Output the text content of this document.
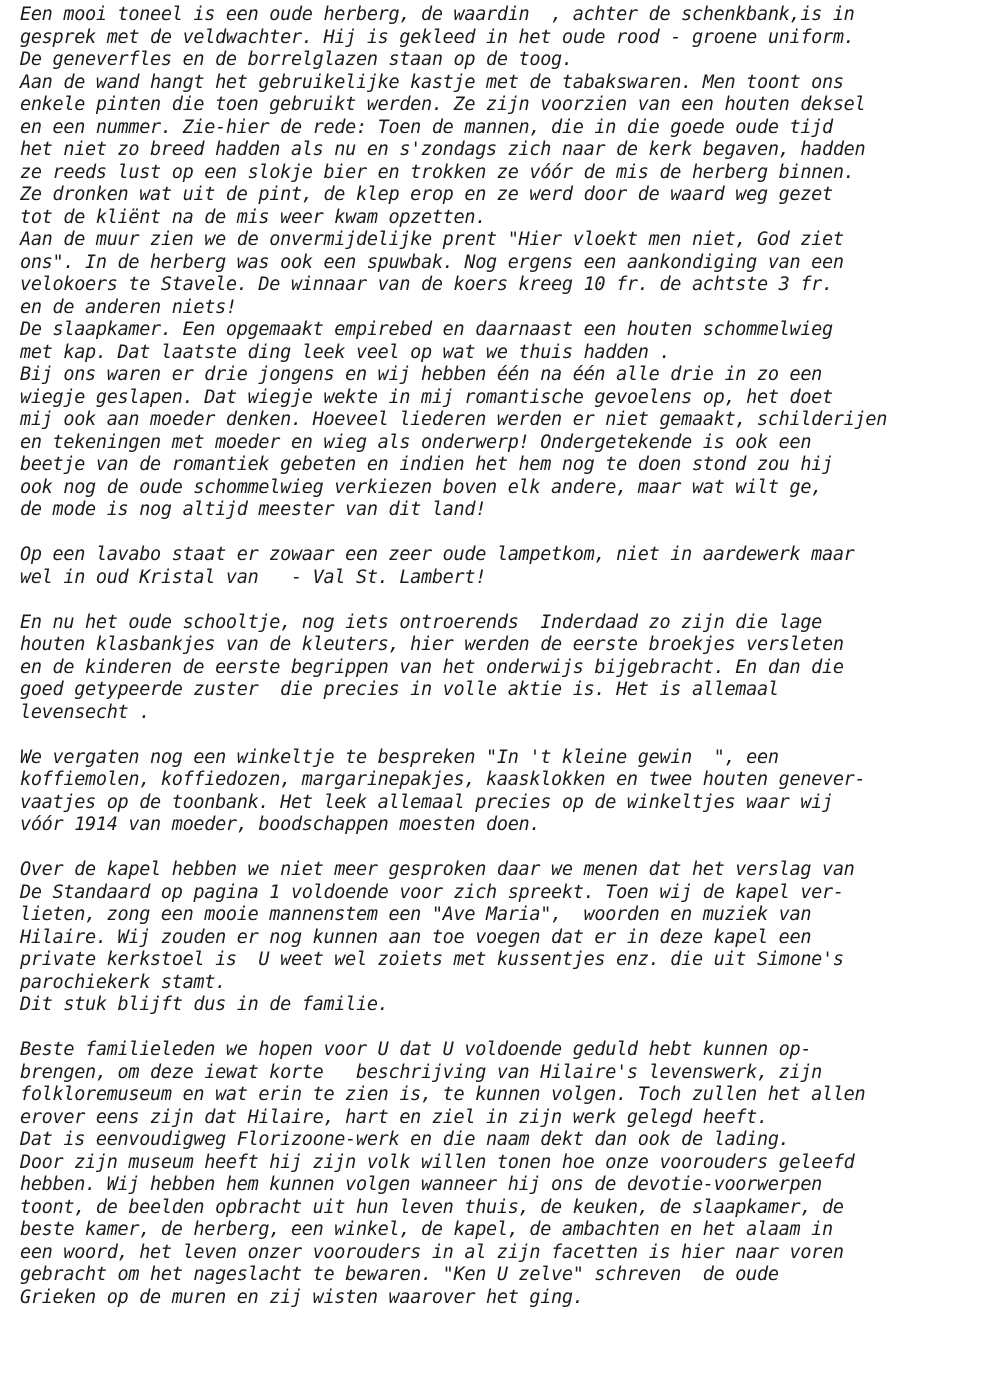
Een mooi toneel is een oude herberg, de waardin  , achter de schenkbank,is in
gesprek met de veldwachter. Hij is gekleed in het oude rood - groene uniform.
De geneverfles en de borrelglazen staan op de toog.
Aan de wand hangt het gebruikelijke kastje met de tabakswaren. Men toont ons
enkele pinten die toen gebruikt werden. Ze zijn voorzien van een houten deksel
en een nummer. Zie-hier de rede: Toen de mannen, die in die goede oude tijd
het niet zo breed hadden als nu en s'zondags zich naar de kerk begaven, hadden
ze reeds lust op een slokje bier en trokken ze vóór de mis de herberg binnen.
Ze dronken wat uit de pint, de klep erop en ze werd door de waard weg gezet
tot de kliënt na de mis weer kwam opzetten.
Aan de muur zien we de onvermijdelijke prent "Hier vloekt men niet, God ziet
ons". In de herberg was ook een spuwbak. Nog ergens een aankondiging van een
velokoers te Stavele. De winnaar van de koers kreeg 10 fr. de achtste 3 fr.
en de anderen niets!
De slaapkamer. Een opgemaakt empirebed en daarnaast een houten schommelwieg
met kap. Dat laatste ding leek veel op wat we thuis hadden .
Bij ons waren er drie jongens en wij hebben één na één alle drie in zo een
wiegje geslapen. Dat wiegje wekte in mij romantische gevoelens op, het doet
mij ook aan moeder denken. Hoeveel liederen werden er niet gemaakt, schilderijen
en tekeningen met moeder en wieg als onderwerp! Ondergetekende is ook een
beetje van de romantiek gebeten en indien het hem nog te doen stond zou hij
ook nog de oude schommelwieg verkiezen boven elk andere, maar wat wilt ge,
de mode is nog altijd meester van dit land!
Op een lavabo staat er zowaar een zeer oude lampetkom, niet in aardewerk maar
wel in oud Kristal van   - Val St. Lambert!
En nu het oude schooltje, nog iets ontroerends  Inderdaad zo zijn die lage
houten klasbankjes van de kleuters, hier werden de eerste broekjes versleten
en de kinderen de eerste begrippen van het onderwijs bijgebracht. En dan die
goed getypeerde zuster  die precies in volle aktie is. Het is allemaal
levensecht .
We vergaten nog een winkeltje te bespreken "In 't kleine gewin  ", een
koffiemolen, koffiedozen, margarinepakjes, kaasklokken en twee houten genever-
vaatjes op de toonbank. Het leek allemaal precies op de winkeltjes waar wij
vóór 1914 van moeder, boodschappen moesten doen.
Over de kapel hebben we niet meer gesproken daar we menen dat het verslag van
De Standaard op pagina 1 voldoende voor zich spreekt. Toen wij de kapel ver-
lieten, zong een mooie mannenstem een "Ave Maria",  woorden en muziek van
Hilaire. Wij zouden er nog kunnen aan toe voegen dat er in deze kapel een
private kerkstoel is  U weet wel zoiets met kussentjes enz. die uit Simone's
parochiekerk stamt.
Dit stuk blijft dus in de familie.
Beste familieleden we hopen voor U dat U voldoende geduld hebt kunnen op-
brengen, om deze iewat korte   beschrijving van Hilaire's levenswerk, zijn
folkloremuseum en wat erin te zien is, te kunnen volgen. Toch zullen het allen
erover eens zijn dat Hilaire, hart en ziel in zijn werk gelegd heeft.
Dat is eenvoudigweg Florizoone-werk en die naam dekt dan ook de lading.
Door zijn museum heeft hij zijn volk willen tonen hoe onze voorouders geleefd
hebben. Wij hebben hem kunnen volgen wanneer hij ons de devotie-voorwerpen
toont, de beelden opbracht uit hun leven thuis, de keuken, de slaapkamer, de
beste kamer, de herberg, een winkel, de kapel, de ambachten en het alaam in
een woord, het leven onzer voorouders in al zijn facetten is hier naar voren
gebracht om het nageslacht te bewaren. "Ken U zelve" schreven  de oude
Grieken op de muren en zij wisten waarover het ging.
